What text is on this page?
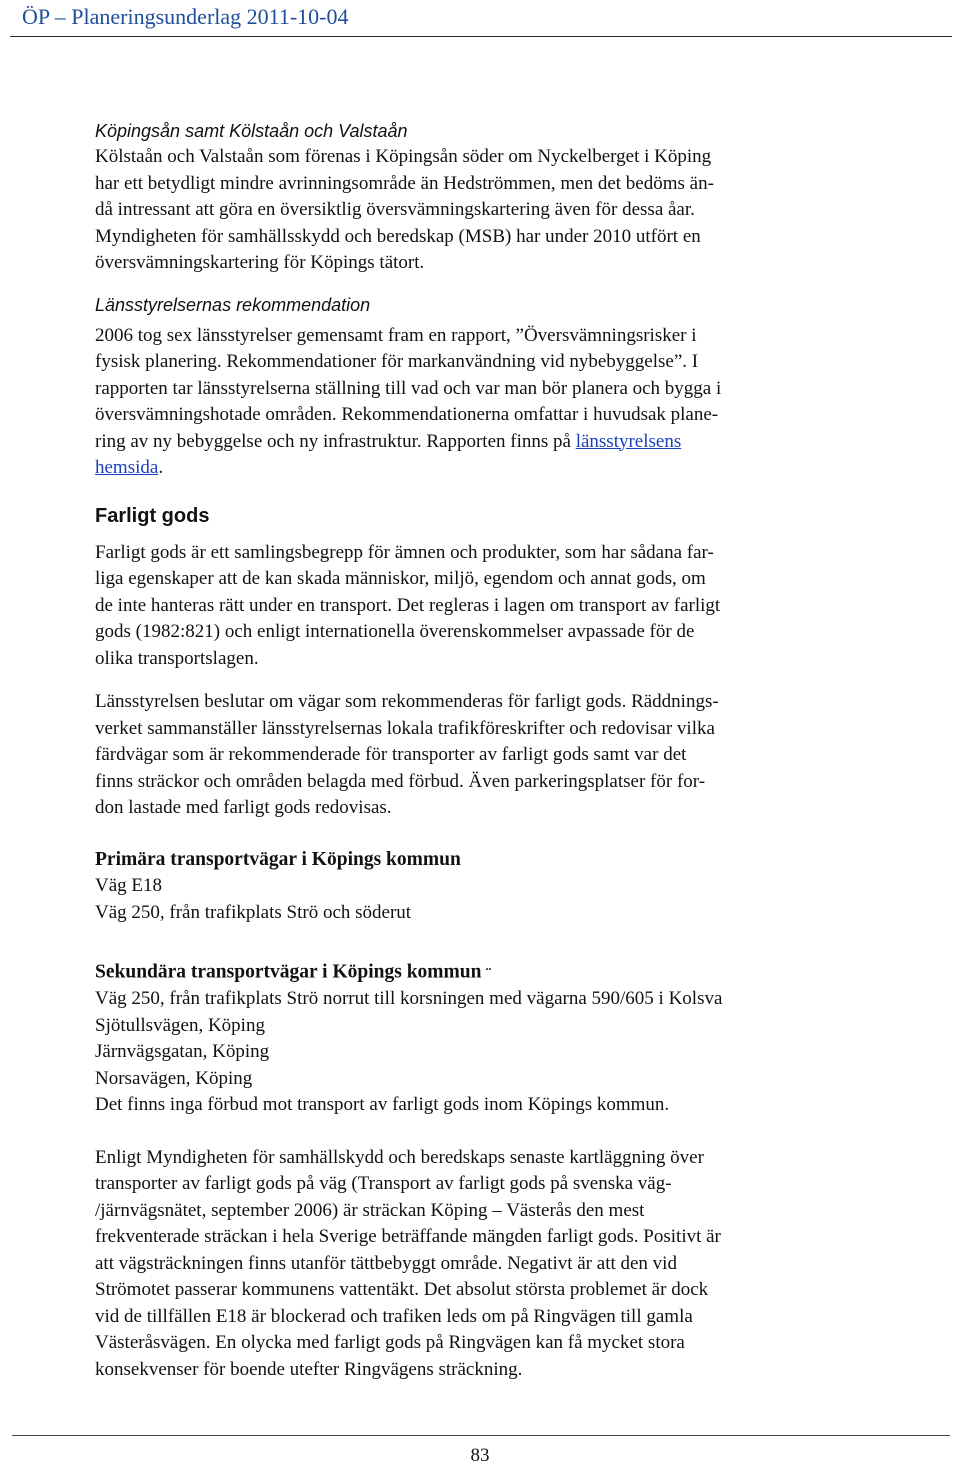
ÖP – Planeringsunderlag 2011-10-04

Köpingsån samt Kölstaån och Valstaån

Kölstaån och Valstaån som förenas i Köpingsån söder om Nyckelberget i Köping

har ett betydligt mindre avrinningsområde än Hedströmmen, men det bedöms än-

då intressant att göra en översiktlig översvämningskartering även för dessa åar.

Myndigheten för samhällsskydd och beredskap (MSB) har under 2010 utfört en

översvämningskartering för Köpings tätort.

Länsstyrelsernas rekommendation

2006 tog sex länsstyrelser gemensamt fram en rapport, ”Översvämningsrisker i

fysisk planering. Rekommendationer för markanvändning vid nybebyggelse”. I

rapporten tar länsstyrelserna ställning till vad och var man bör planera och bygga i

översvämningshotade områden. Rekommendationerna omfattar i huvudsak plane-

ring av ny bebyggelse och ny infrastruktur. Rapporten finns på länsstyrelsens

hemsida.

Farligt gods

Farligt gods är ett samlingsbegrepp för ämnen och produkter, som har sådana far-

liga egenskaper att de kan skada människor, miljö, egendom och annat gods, om

de inte hanteras rätt under en transport. Det regleras i lagen om transport av farligt

gods (1982:821) och enligt internationella överenskommelser avpassade för de

olika transportslagen.

Länsstyrelsen beslutar om vägar som rekommenderas för farligt gods. Räddnings-

verket sammanställer länsstyrelsernas lokala trafikföreskrifter och redovisar vilka

färdvägar som är rekommenderade för transporter av farligt gods samt var det

finns sträckor och områden belagda med förbud. Även parkeringsplatser för for-

don lastade med farligt gods redovisas.

Primära transportvägar i Köpings kommun

Väg E18

Väg 250, från trafikplats Strö och söderut

Sekundära transportvägar i Köpings kommun ..

Väg 250, från trafikplats Strö norrut till korsningen med vägarna 590/605 i Kolsva

Sjötullsvägen, Köping

Järnvägsgatan, Köping

Norsavägen, Köping

Det finns inga förbud mot transport av farligt gods inom Köpings kommun.

Enligt Myndigheten för samhällskydd och beredskaps senaste kartläggning över

transporter av farligt gods på väg (Transport av farligt gods på svenska väg-

/järnvägsnätet, september 2006) är sträckan Köping – Västerås den mest

frekventerade sträckan i hela Sverige beträffande mängden farligt gods. Positivt är

att vägsträckningen finns utanför tättbebyggt område. Negativt är att den vid

Strömotet passerar kommunens vattentäkt. Det absolut största problemet är dock

vid de tillfällen E18 är blockerad och trafiken leds om på Ringvägen till gamla

Västeråsvägen. En olycka med farligt gods på Ringvägen kan få mycket stora

konsekvenser för boende utefter Ringvägens sträckning.

83
